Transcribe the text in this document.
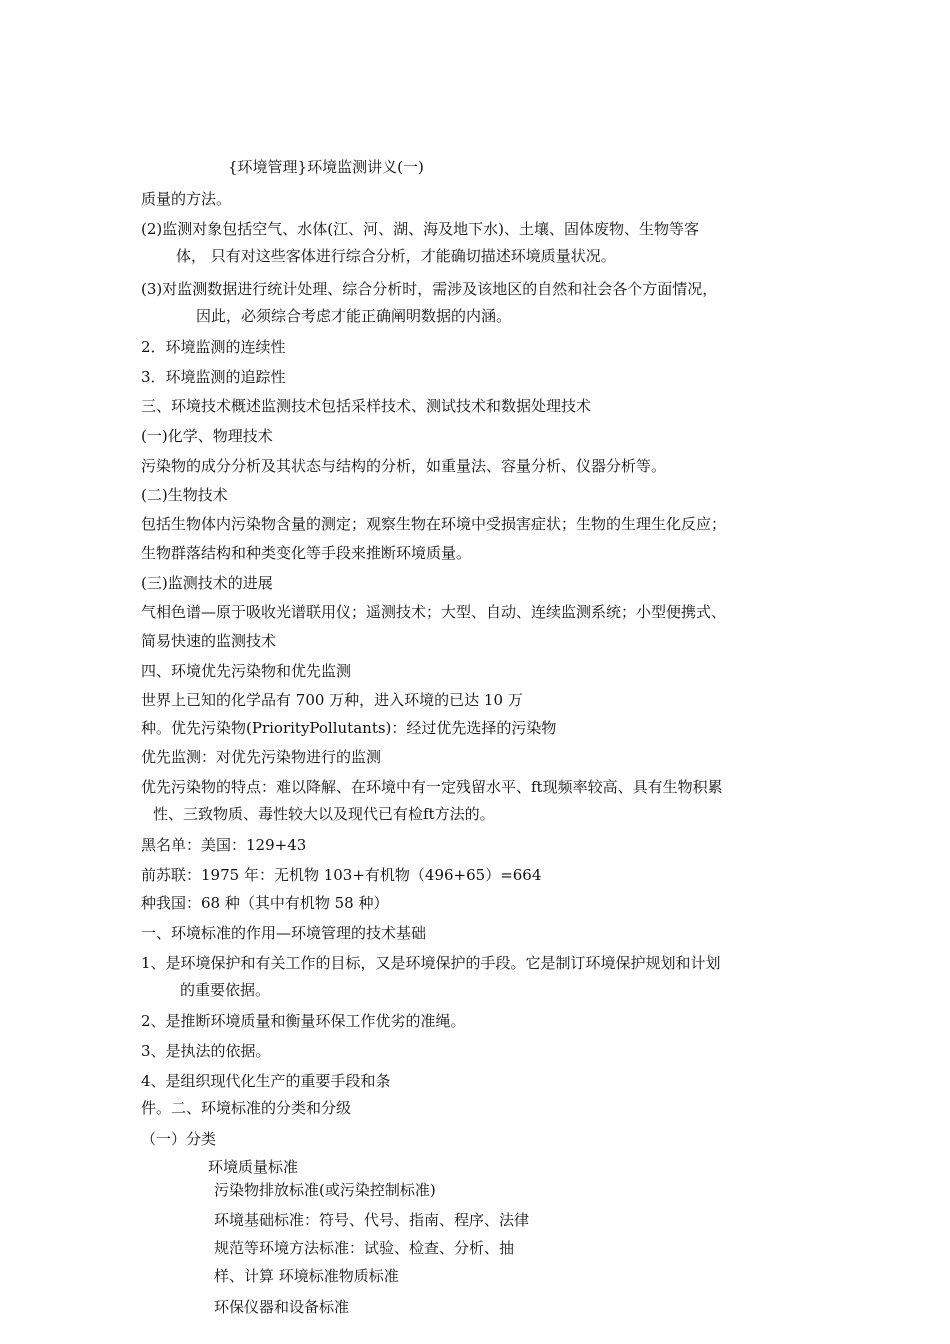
{环境管理}环境监测讲义(一)
质量的方法。
(2)监测对象包括空气、水体(江、河、湖、海及地下水)、土壤、固体废物、生物等客
体， 只有对这些客体进行综合分析，才能确切描述环境质量状况。
(3)对监测数据进行统计处理、综合分析时，需涉及该地区的自然和社会各个方面情况，
因此，必须综合考虑才能正确阐明数据的内涵。
2．环境监测的连续性
3．环境监测的追踪性
三、环境技术概述监测技术包括采样技术、测试技术和数据处理技术
(一)化学、物理技术
污染物的成分分析及其状态与结构的分析，如重量法、容量分析、仪器分析等。
(二)生物技术
包括生物体内污染物含量的测定；观察生物在环境中受损害症状；生物的生理生化反应；
生物群落结构和种类变化等手段来推断环境质量。
(三)监测技术的进展
气相色谱—原于吸收光谱联用仪；遥测技术；大型、自动、连续监测系统；小型便携式、
简易快速的监测技术
四、环境优先污染物和优先监测
世界上已知的化学品有 700 万种，进入环境的已达 10 万
种。优先污染物(PriorityPollutants)：经过优先选择的污染物
优先监测：对优先污染物进行的监测
优先污染物的特点：难以降解、在环境中有一定残留水平、ft现频率较高、具有生物积累
性、三致物质、毒性较大以及现代已有检ft方法的。
黑名单：美国：129+43
前苏联：1975 年：无机物 103+有机物（496+65）=664
种我国：68 种（其中有机物 58 种）
一、环境标准的作用—环境管理的技术基础
1、是环境保护和有关工作的目标，又是环境保护的手段。它是制订环境保护规划和计划
的重要依据。
2、是推断环境质量和衡量环保工作优劣的准绳。
3、是执法的依据。
4、是组织现代化生产的重要手段和条
件。二、环境标准的分类和分级
（一）分类
环境质量标准
污染物排放标准(或污染控制标准)
环境基础标准：符号、代号、指南、程序、法律
规范等环境方法标准：试验、检查、分析、抽
样、计算 环境标准物质标准
环保仪器和设备标准
